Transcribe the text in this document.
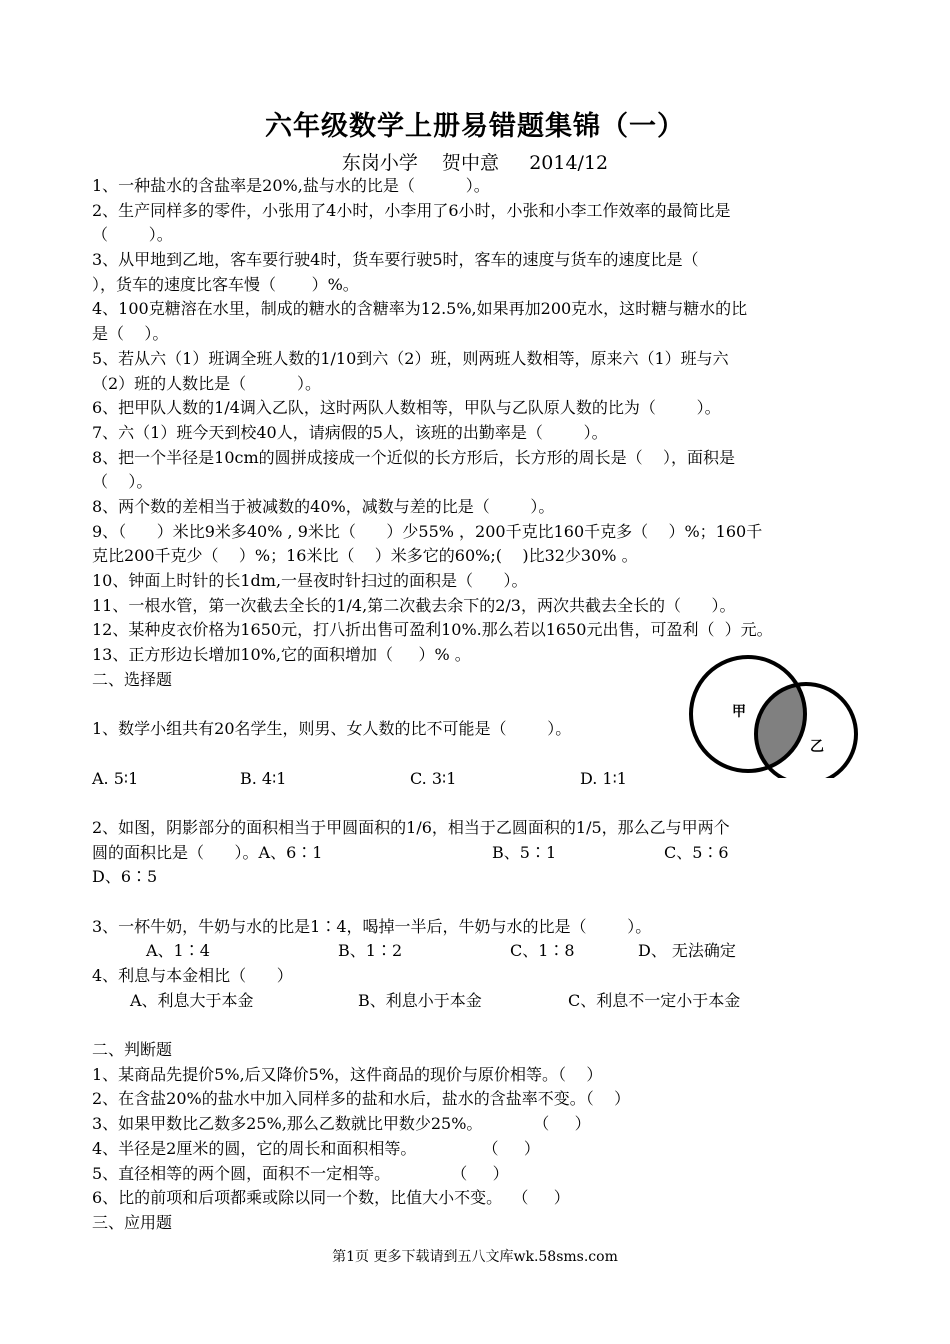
六年级数学上册易错题集锦（一）
东岗小学    贺中意     2014/12
1、一种盐水的含盐率是20%,盐与水的比是（          ）。
2、生产同样多的零件，小张用了4小时，小李用了6小时，小张和小李工作效率的最简比是
（        ）。
3、从甲地到乙地，客车要行驶4时，货车要行驶5时，客车的速度与货车的速度比是（
），货车的速度比客车慢（       ）%。
4、100克糖溶在水里，制成的糖水的含糖率为12.5%,如果再加200克水，这时糖与糖水的比
是（    ）。
5、若从六（1）班调全班人数的1/10到六（2）班，则两班人数相等，原来六（1）班与六
（2）班的人数比是（          ）。
6、把甲队人数的1/4调入乙队，这时两队人数相等，甲队与乙队原人数的比为（        ）。
7、六（1）班今天到校40人，请病假的5人，该班的出勤率是（        ）。
8、把一个半径是10cm的圆拼成接成一个近似的长方形后，长方形的周长是（    ），面积是
（    ）。
8、两个数的差相当于被减数的40%，减数与差的比是（        ）。
9、（      ）米比9米多40% , 9米比（      ）少55% ，200千克比160千克多（    ）%；160千
克比200千克少（    ）%；16米比（    ）米多它的60%;(    )比32少30% 。
10、钟面上时针的长1dm,一昼夜时针扫过的面积是（      ）。
11、一根水管，第一次截去全长的1/4,第二次截去余下的2/3，两次共截去全长的（      ）。
12、某种皮衣价格为1650元，打八折出售可盈利10%.那么若以1650元出售，可盈利（  ）元。
13、正方形边长增加10%,它的面积增加（     ）% 。
二、选择题
1、数学小组共有20名学生，则男、女人数的比不可能是（        ）。

A. 5∶1

	B. 4∶1

	C. 3∶1

	D. 1∶1

2、如图，阴影部分的面积相当于甲圆面积的1/6，相当于乙圆面积的1/5，那么乙与甲两个

圆的面积比是（      ）。A、6∶1

	B、5∶1

	C、5∶6

D、6∶5
3、一杯牛奶，牛奶与水的比是1∶4，喝掉一半后，牛奶与水的比是（        ）。

A、1∶4

	B、1∶2

	C、1∶8

	D、 无法确定

4、利息与本金相比（      ）

A、利息大于本金

	B、利息小于本金

	C、利息不一定小于本金

二、判断题
1、某商品先提价5%,后又降价5%，这件商品的现价与原价相等。（    ）
2、在含盐20%的盐水中加入同样多的盐和水后，盐水的含盐率不变。（    ）
3、如果甲数比乙数多25%,那么乙数就比甲数少25%。          （     ）
4、半径是2厘米的圆，它的周长和面积相等。             （     ）
5、直径相等的两个圆，面积不一定相等。            （     ）
6、比的前项和后项都乘或除以同一个数，比值大小不变。  （     ）
三、应用题
甲
乙
第1页 更多下载请到五八文库wk.58sms.com
